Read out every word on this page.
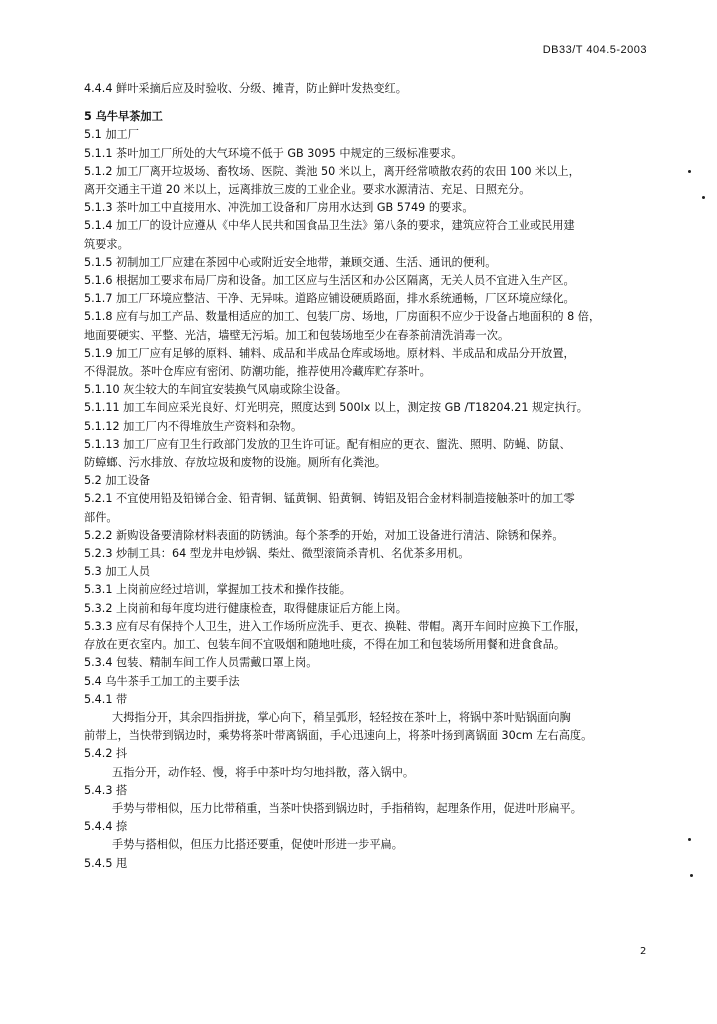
DB33/T 404.5-2003

4.4.4 鲜叶采摘后应及时验收、分级、摊青，防止鲜叶发热变红。

5 乌牛早茶加工

5.1 加工厂

5.1.1 茶叶加工厂所处的大气环境不低于 GB 3095 中规定的三级标准要求。

5.1.2 加工厂离开垃圾场、畜牧场、医院、粪池 50 米以上，离开经常喷散农药的农田 100 米以上，

离开交通主干道 20 米以上，远离排放三废的工业企业。要求水源清洁、充足、日照充分。

5.1.3 茶叶加工中直接用水、冲洗加工设备和厂房用水达到 GB 5749 的要求。

5.1.4 加工厂的设计应遵从《中华人民共和国食品卫生法》第八条的要求，建筑应符合工业或民用建

筑要求。

5.1.5 初制加工厂应建在茶园中心或附近安全地带，兼顾交通、生活、通讯的便利。

5.1.6 根据加工要求布局厂房和设备。加工区应与生活区和办公区隔离，无关人员不宜进入生产区。

5.1.7 加工厂环境应整洁、干净、无异味。道路应铺设硬质路面，排水系统通畅，厂区环境应绿化。

5.1.8 应有与加工产品、数量相适应的加工、包装厂房、场地，厂房面积不应少于设备占地面积的 8 倍，

地面要硬实、平整、光洁，墙壁无污垢。加工和包装场地至少在春茶前清洗消毒一次。

5.1.9 加工厂应有足够的原料、辅料、成品和半成品仓库或场地。原材料、半成品和成品分开放置，

不得混放。茶叶仓库应有密闭、防潮功能，推荐使用冷藏库贮存茶叶。

5.1.10 灰尘较大的车间宜安装换气风扇或除尘设备。

5.1.11 加工车间应采光良好、灯光明亮，照度达到 500lx 以上，测定按 GB /T18204.21 规定执行。

5.1.12 加工厂内不得堆放生产资料和杂物。

5.1.13 加工厂应有卫生行政部门发放的卫生许可证。配有相应的更衣、盥洗、照明、防蝇、防鼠、

防蟑螂、污水排放、存放垃圾和废物的设施。厕所有化粪池。

5.2 加工设备

5.2.1 不宜使用铅及铅锑合金、铅青铜、锰黄铜、铅黄铜、铸铝及铝合金材料制造接触茶叶的加工零

部件。

5.2.2 新购设备要清除材料表面的防锈油。每个茶季的开始，对加工设备进行清洁、除锈和保养。

5.2.3 炒制工具：64 型龙井电炒锅、柴灶、微型滚筒杀青机、名优茶多用机。

5.3 加工人员

5.3.1 上岗前应经过培训，掌握加工技术和操作技能。

5.3.2 上岗前和每年度均进行健康检查，取得健康证后方能上岗。

5.3.3 应有尽有保持个人卫生，进入工作场所应洗手、更衣、换鞋、带帽。离开车间时应换下工作服，

存放在更衣室内。加工、包装车间不宜吸烟和随地吐痰，不得在加工和包装场所用餐和进食食品。

5.3.4 包装、精制车间工作人员需戴口罩上岗。

5.4 乌牛茶手工加工的主要手法

5.4.1 带

大拇指分开，其余四指拼拢，掌心向下，稍呈弧形，轻轻按在茶叶上，将锅中茶叶贴锅面向胸

前带上，当快带到锅边时，乘势将茶叶带离锅面，手心迅速向上，将茶叶扬到离锅面 30cm 左右高度。

5.4.2 抖

五指分开，动作轻、慢，将手中茶叶均匀地抖散，落入锅中。

5.4.3 搭

手势与带相似，压力比带稍重，当茶叶快搭到锅边时，手指稍钩，起理条作用，促进叶形扁平。

5.4.4 捺

手势与搭相似，但压力比搭还要重，促使叶形进一步平扁。

5.4.5 甩

2
